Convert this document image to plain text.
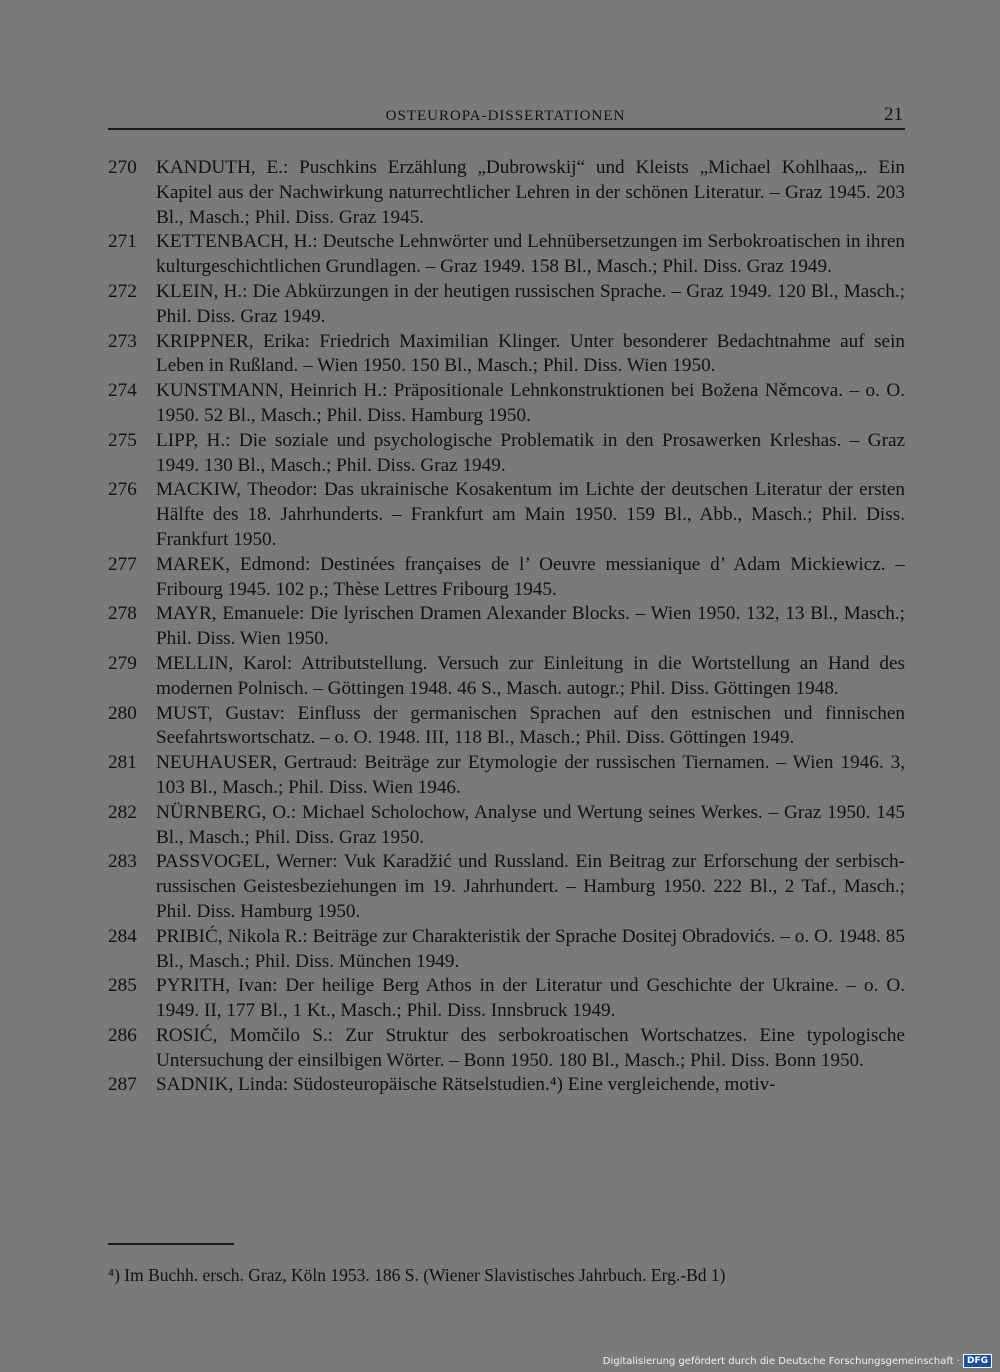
OSTEUROPA-DISSERTATIONEN	21
270	KANDUTH, E.: Puschkins Erzählung „Dubrowskij“ und Kleists „Michael Kohlhaas„. Ein Kapitel aus der Nachwirkung naturrechtlicher Lehren in der schönen Literatur. – Graz 1945. 203 Bl., Masch.; Phil. Diss. Graz 1945.
271	KETTENBACH, H.: Deutsche Lehnwörter und Lehnübersetzungen im Serbokroatischen in ihren kulturgeschichtlichen Grundlagen. – Graz 1949. 158 Bl., Masch.; Phil. Diss. Graz 1949.
272	KLEIN, H.: Die Abkürzungen in der heutigen russischen Sprache. – Graz 1949. 120 Bl., Masch.; Phil. Diss. Graz 1949.
273	KRIPPNER, Erika: Friedrich Maximilian Klinger. Unter besonderer Bedachtnahme auf sein Leben in Rußland. – Wien 1950. 150 Bl., Masch.; Phil. Diss. Wien 1950.
274	KUNSTMANN, Heinrich H.: Präpositionale Lehnkonstruktionen bei Božena Němcova. – o. O. 1950. 52 Bl., Masch.; Phil. Diss. Hamburg 1950.
275	LIPP, H.: Die soziale und psychologische Problematik in den Prosawerken Krleshas. – Graz 1949. 130 Bl., Masch.; Phil. Diss. Graz 1949.
276	MACKIW, Theodor: Das ukrainische Kosakentum im Lichte der deutschen Literatur der ersten Hälfte des 18. Jahrhunderts. – Frankfurt am Main 1950. 159 Bl., Abb., Masch.; Phil. Diss. Frankfurt 1950.
277	MAREK, Edmond: Destinées françaises de l’ Oeuvre messianique d’ Adam Mickiewicz. – Fribourg 1945. 102 p.; Thèse Lettres Fribourg 1945.
278	MAYR, Emanuele: Die lyrischen Dramen Alexander Blocks. – Wien 1950. 132, 13 Bl., Masch.; Phil. Diss. Wien 1950.
279	MELLIN, Karol: Attributstellung. Versuch zur Einleitung in die Wortstellung an Hand des modernen Polnisch. – Göttingen 1948. 46 S., Masch. autogr.; Phil. Diss. Göttingen 1948.
280	MUST, Gustav: Einfluss der germanischen Sprachen auf den estnischen und finnischen Seefahrtswortschatz. – o. O. 1948. III, 118 Bl., Masch.; Phil. Diss. Göttingen 1949.
281	NEUHAUSER, Gertraud: Beiträge zur Etymologie der russischen Tiernamen. – Wien 1946. 3, 103 Bl., Masch.; Phil. Diss. Wien 1946.
282	NÜRNBERG, O.: Michael Scholochow, Analyse und Wertung seines Werkes. – Graz 1950. 145 Bl., Masch.; Phil. Diss. Graz 1950.
283	PASSVOGEL, Werner: Vuk Karadžić und Russland. Ein Beitrag zur Erforschung der serbisch-russischen Geistesbeziehungen im 19. Jahrhundert. – Hamburg 1950. 222 Bl., 2 Taf., Masch.; Phil. Diss. Hamburg 1950.
284	PRIBIĆ, Nikola R.: Beiträge zur Charakteristik der Sprache Dositej Obradovićs. – o. O. 1948. 85 Bl., Masch.; Phil. Diss. München 1949.
285	PYRITH, Ivan: Der heilige Berg Athos in der Literatur und Geschichte der Ukraine. – o. O. 1949. II, 177 Bl., 1 Kt., Masch.; Phil. Diss. Innsbruck 1949.
286	ROSIĆ, Momčilo S.: Zur Struktur des serbokroatischen Wortschatzes. Eine typologische Untersuchung der einsilbigen Wörter. – Bonn 1950. 180 Bl., Masch.; Phil. Diss. Bonn 1950.
287	SADNIK, Linda: Südosteuropäische Rätselstudien.⁴) Eine vergleichende, motiv-
⁴) Im Buchh. ersch. Graz, Köln 1953. 186 S. (Wiener Slavistisches Jahrbuch. Erg.-Bd 1)
Digitalisierung gefördert durch die Deutsche Forschungsgemeinschaft · DFG
